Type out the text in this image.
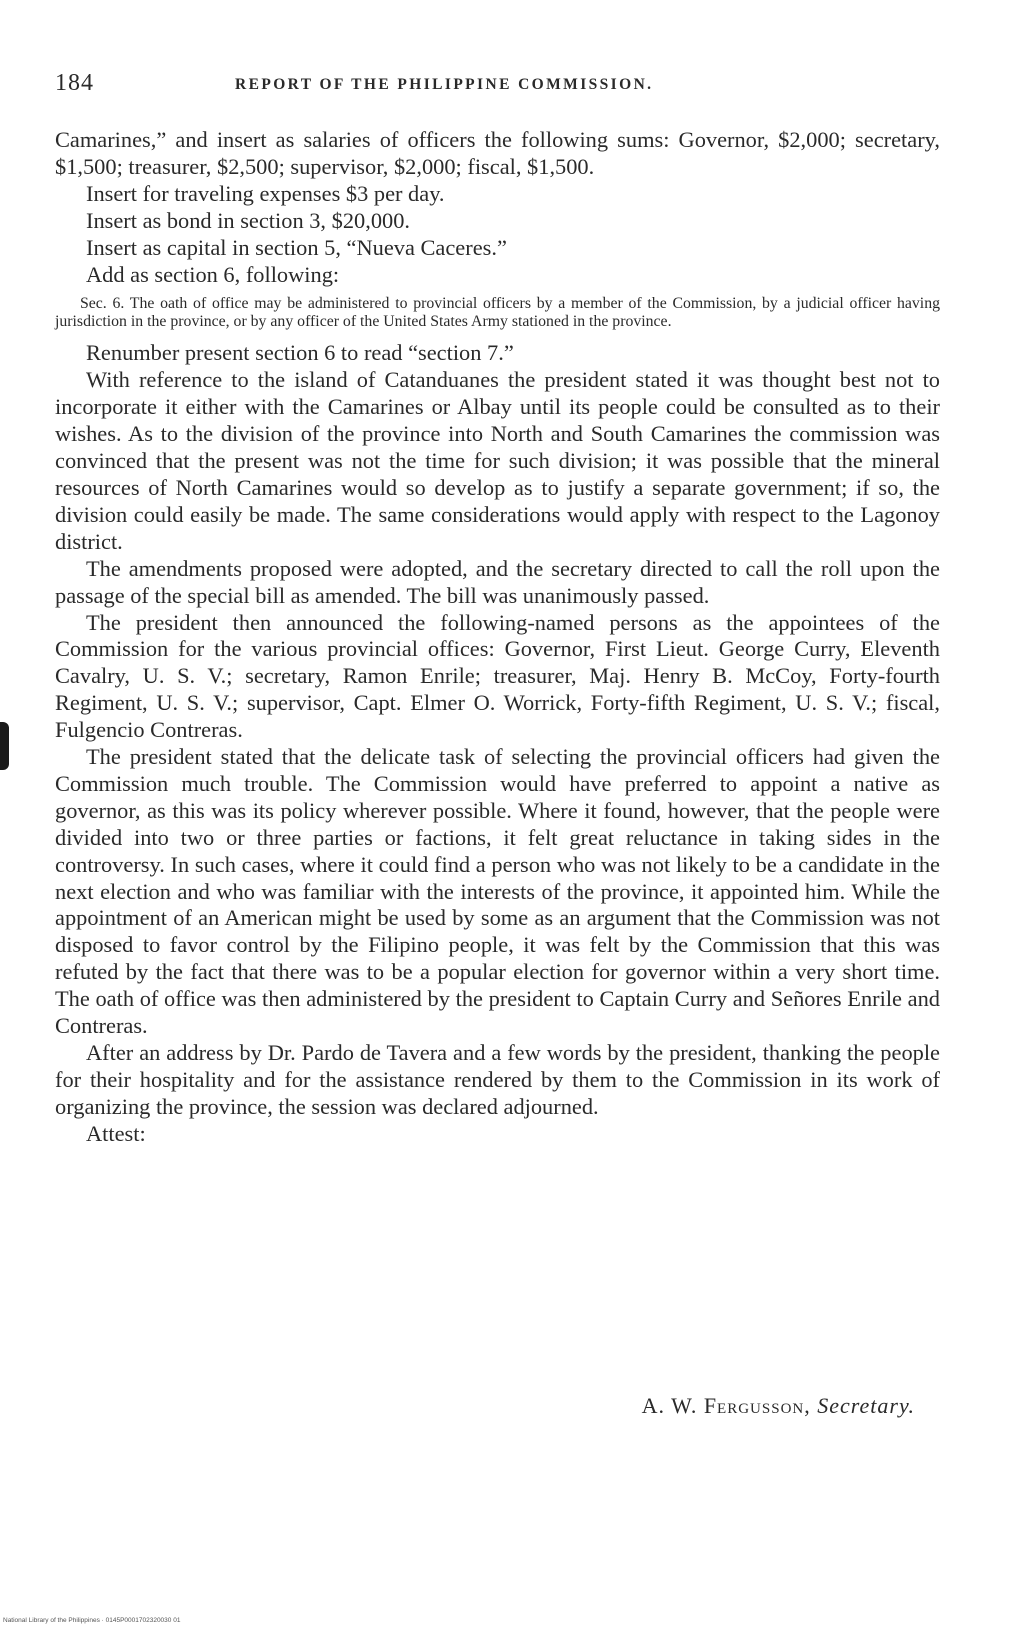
184	REPORT OF THE PHILIPPINE COMMISSION.

Camarines,” and insert as salaries of officers the following sums: Governor, $2,000; secretary, $1,500; treasurer, $2,500; supervisor, $2,000; fiscal, $1,500.

Insert for traveling expenses $3 per day.

Insert as bond in section 3, $20,000.

Insert as capital in section 5, “Nueva Caceres.”

Add as section 6, following:

Sec. 6. The oath of office may be administered to provincial officers by a member of the Commission, by a judicial officer having jurisdiction in the province, or by any officer of the United States Army stationed in the province.

Renumber present section 6 to read “section 7.”

With reference to the island of Catanduanes the president stated it was thought best not to incorporate it either with the Camarines or Albay until its people could be consulted as to their wishes. As to the division of the province into North and South Camarines the commission was convinced that the present was not the time for such division; it was possible that the mineral resources of North Camarines would so develop as to justify a separate government; if so, the division could easily be made. The same considerations would apply with respect to the Lagonoy district.

The amendments proposed were adopted, and the secretary directed to call the roll upon the passage of the special bill as amended. The bill was unanimously passed.

The president then announced the following-named persons as the appointees of the Commission for the various provincial offices: Governor, First Lieut. George Curry, Eleventh Cavalry, U. S. V.; secretary, Ramon Enrile; treasurer, Maj. Henry B. McCoy, Forty-fourth Regiment, U. S. V.; supervisor, Capt. Elmer O. Worrick, Forty-fifth Regiment, U. S. V.; fiscal, Fulgencio Contreras.

The president stated that the delicate task of selecting the provincial officers had given the Commission much trouble. The Commission would have preferred to appoint a native as governor, as this was its policy wherever possible. Where it found, however, that the people were divided into two or three parties or factions, it felt great reluctance in taking sides in the controversy. In such cases, where it could find a person who was not likely to be a candidate in the next election and who was familiar with the interests of the province, it appointed him. While the appointment of an American might be used by some as an argument that the Commission was not disposed to favor control by the Filipino people, it was felt by the Commission that this was refuted by the fact that there was to be a popular election for governor within a very short time. The oath of office was then administered by the president to Captain Curry and Señores Enrile and Contreras.

After an address by Dr. Pardo de Tavera and a few words by the president, thanking the people for their hospitality and for the assistance rendered by them to the Commission in its work of organizing the province, the session was declared adjourned.

Attest:

A. W. Fergusson, Secretary.
National Library of the Philippines · 0145P0001702320030 01
